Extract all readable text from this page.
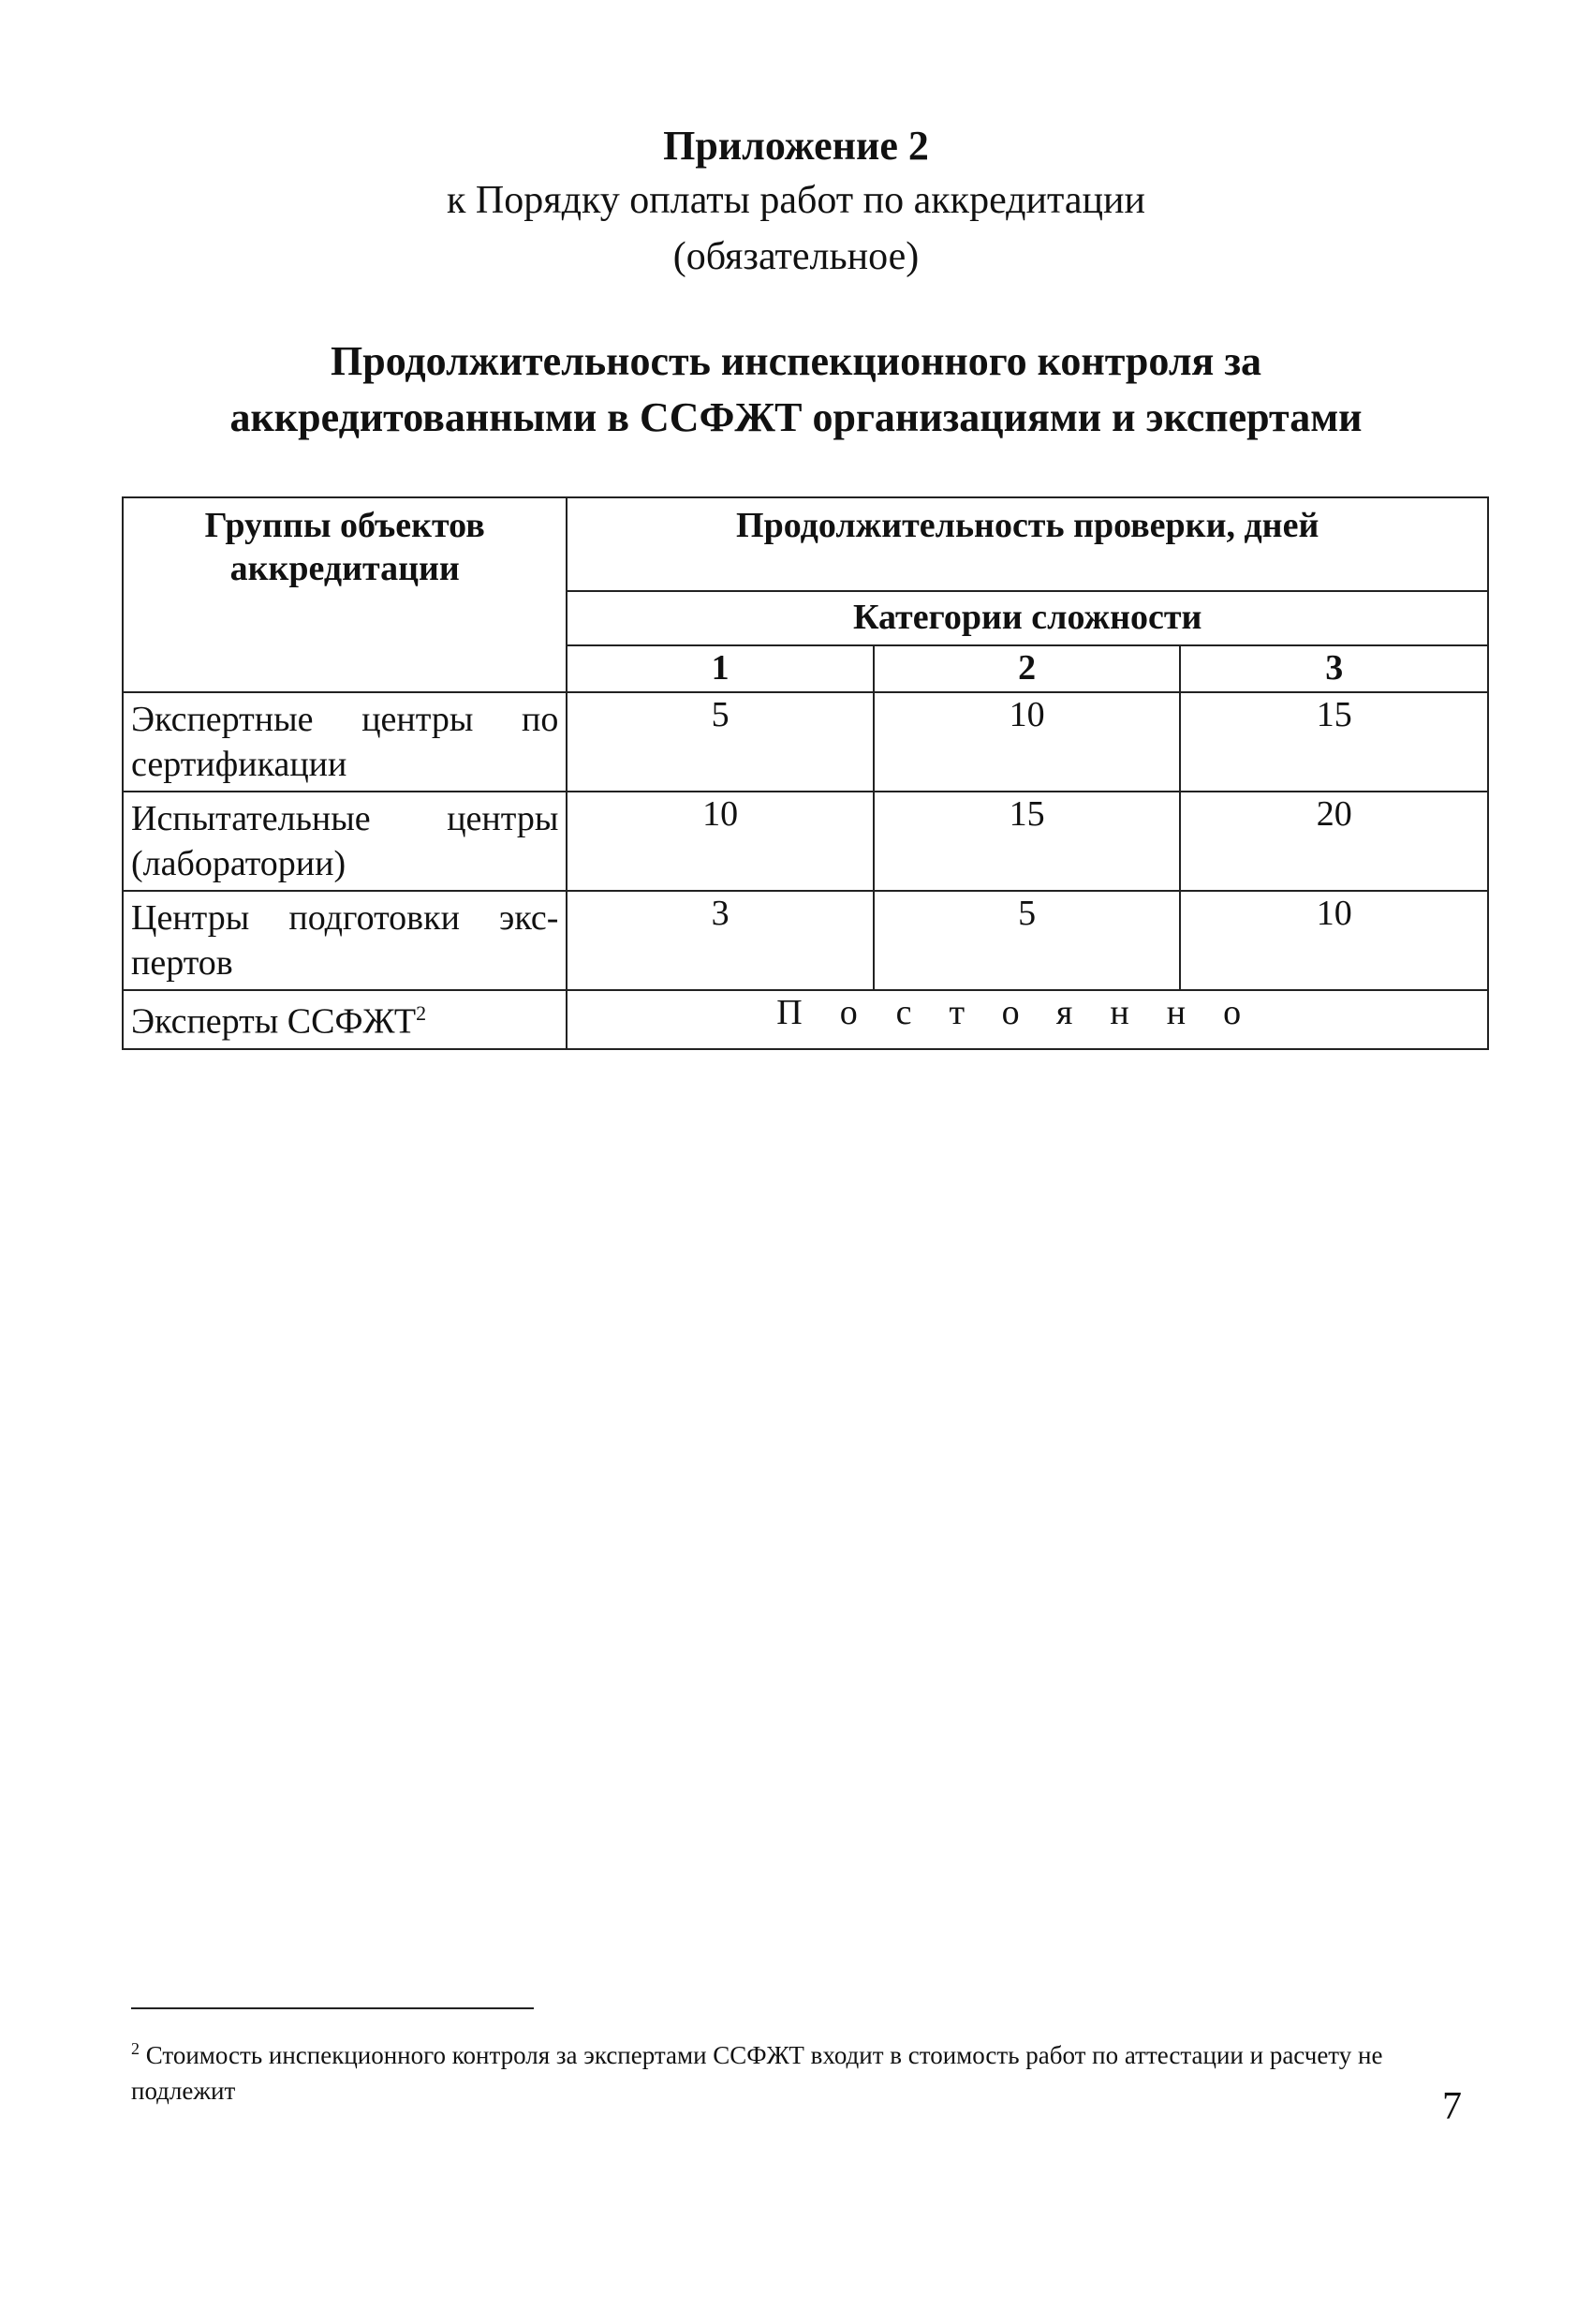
Приложение 2
к Порядку оплаты работ по аккредитации
(обязательное)
Продолжительность инспекционного контроля за
аккредитованными в ССФЖТ организациями и экспертами
Группы объектов аккредитации	Продолжительность проверки, дней		
	Категории сложности		
	1	2	3
Экспертные центры по сертификации	5	10	15
Испытательные центры (лаборатории)	10	15	20
Центры подготовки экс-пертов	3	5	10
Эксперты ССФЖТ$^2$	Постоянно		
$^2$ Стоимость инспекционного контроля за экспертами ССФЖТ входит в стоимость работ по аттестации и расчету не подлежит	7
